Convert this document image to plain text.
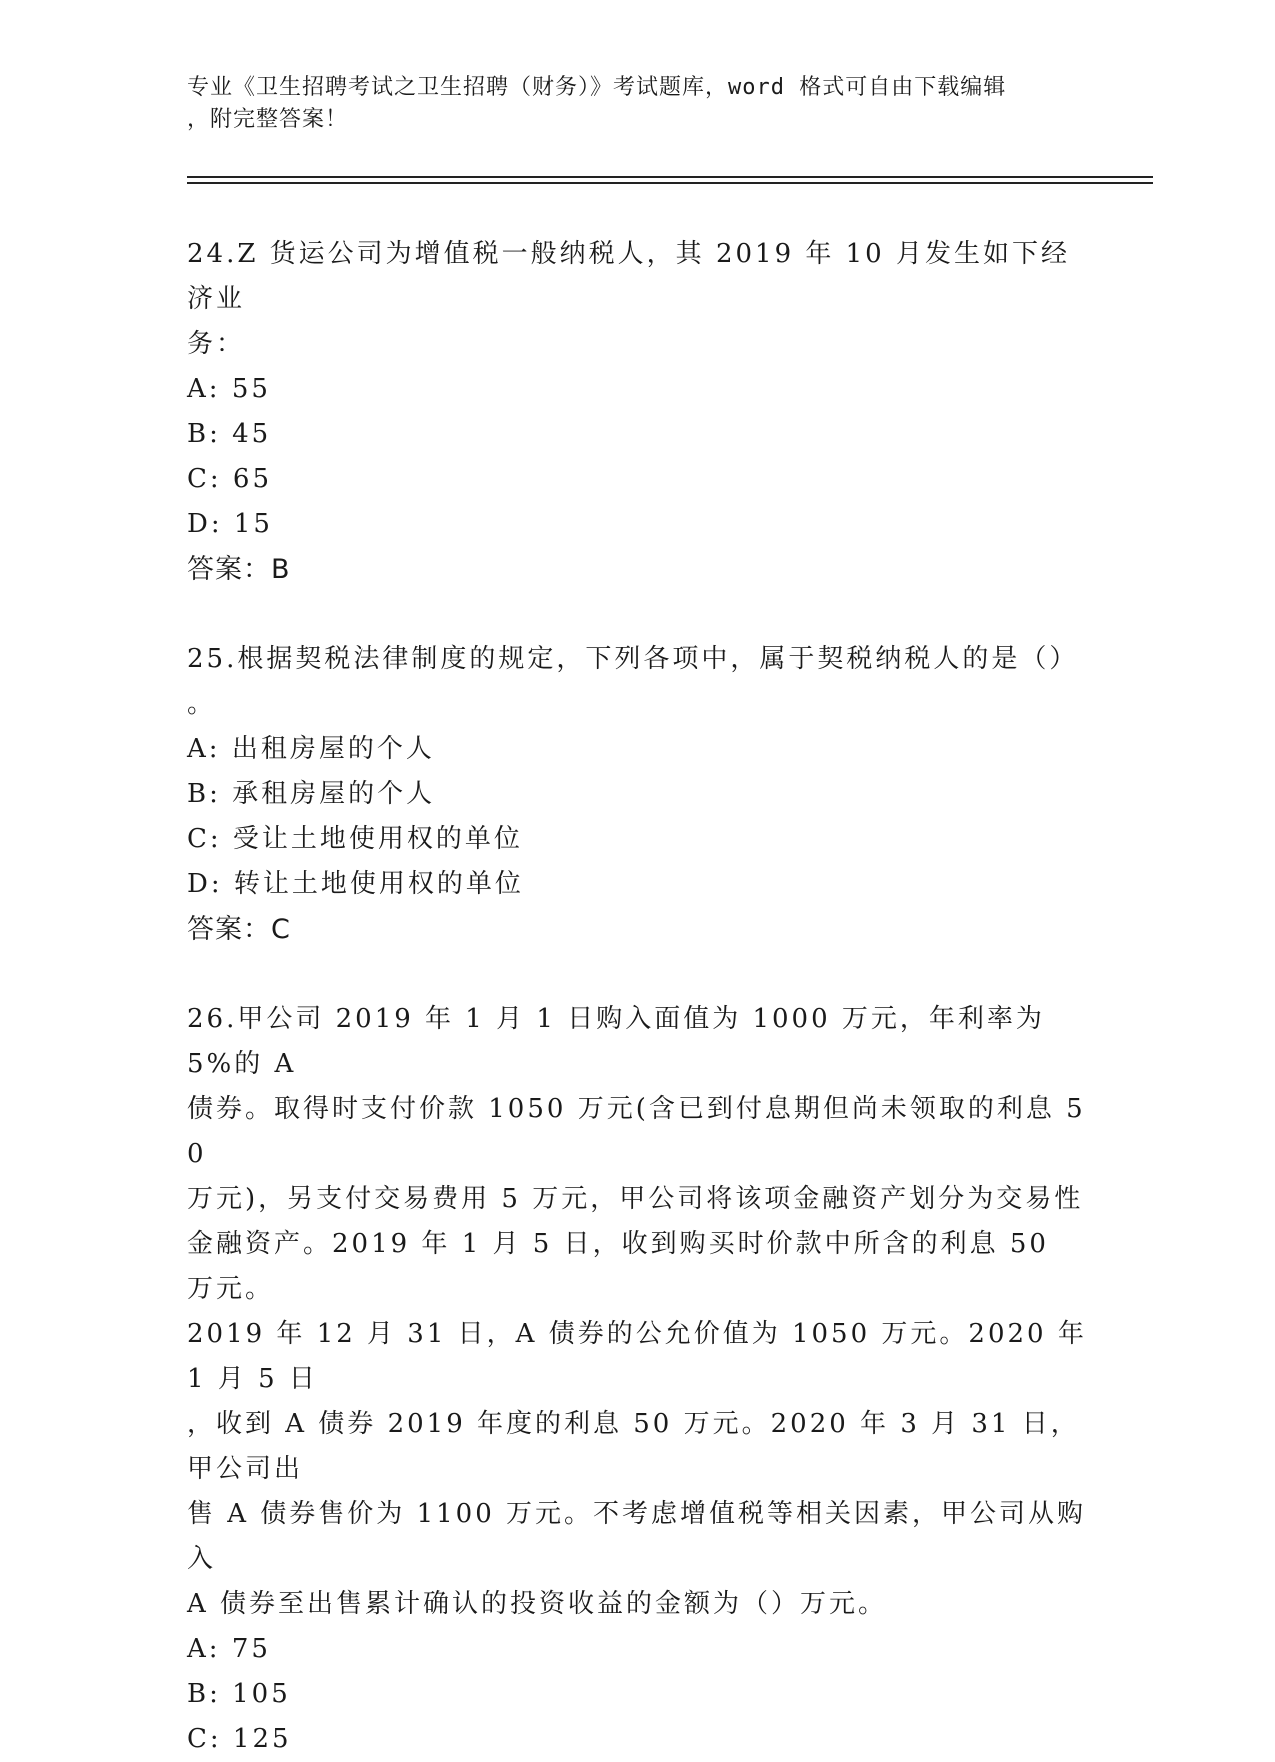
专业《卫生招聘考试之卫生招聘（财务）》考试题库，word 格式可自由下载编辑
，附完整答案！
24.Z 货运公司为增值税一般纳税人，其 2019 年 10 月发生如下经济业
务：
A: 55
B: 45
C: 65
D: 15
答案：B
25.根据契税法律制度的规定，下列各项中，属于契税纳税人的是（）
。
A: 出租房屋的个人
B: 承租房屋的个人
C: 受让土地使用权的单位
D: 转让土地使用权的单位
答案：C
26.甲公司 2019 年 1 月 1 日购入面值为 1000 万元，年利率为 5%的 A
债券。取得时支付价款 1050 万元(含已到付息期但尚未领取的利息 50
万元)，另支付交易费用 5 万元，甲公司将该项金融资产划分为交易性
金融资产。2019 年 1 月 5 日，收到购买时价款中所含的利息 50 万元。
2019 年 12 月 31 日，A 债券的公允价值为 1050 万元。2020 年 1 月 5 日
，收到 A 债券 2019 年度的利息 50 万元。2020 年 3 月 31 日，甲公司出
售 A 债券售价为 1100 万元。不考虑增值税等相关因素，甲公司从购入
A 债券至出售累计确认的投资收益的金额为（）万元。
A: 75
B: 105
C: 125
